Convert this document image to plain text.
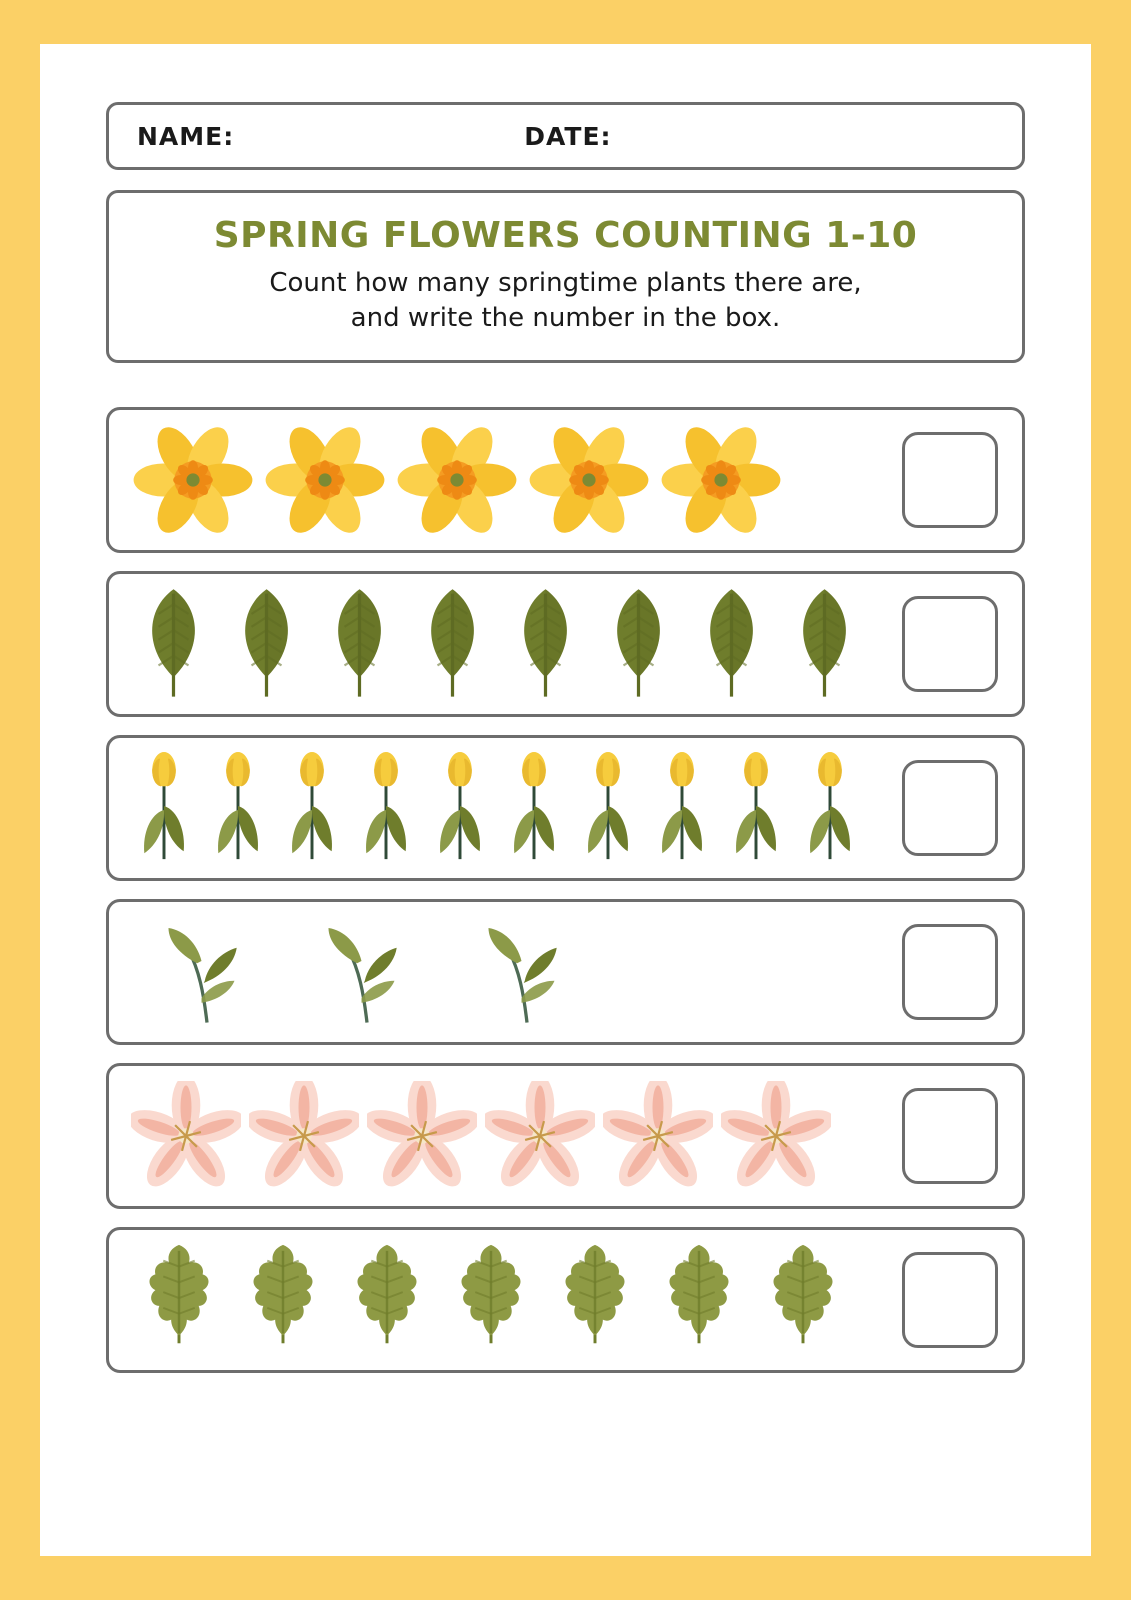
NAME:	DATE:
SPRING FLOWERS COUNTING 1-10

Count how many springtime plants there are,

and write the number in the box.
